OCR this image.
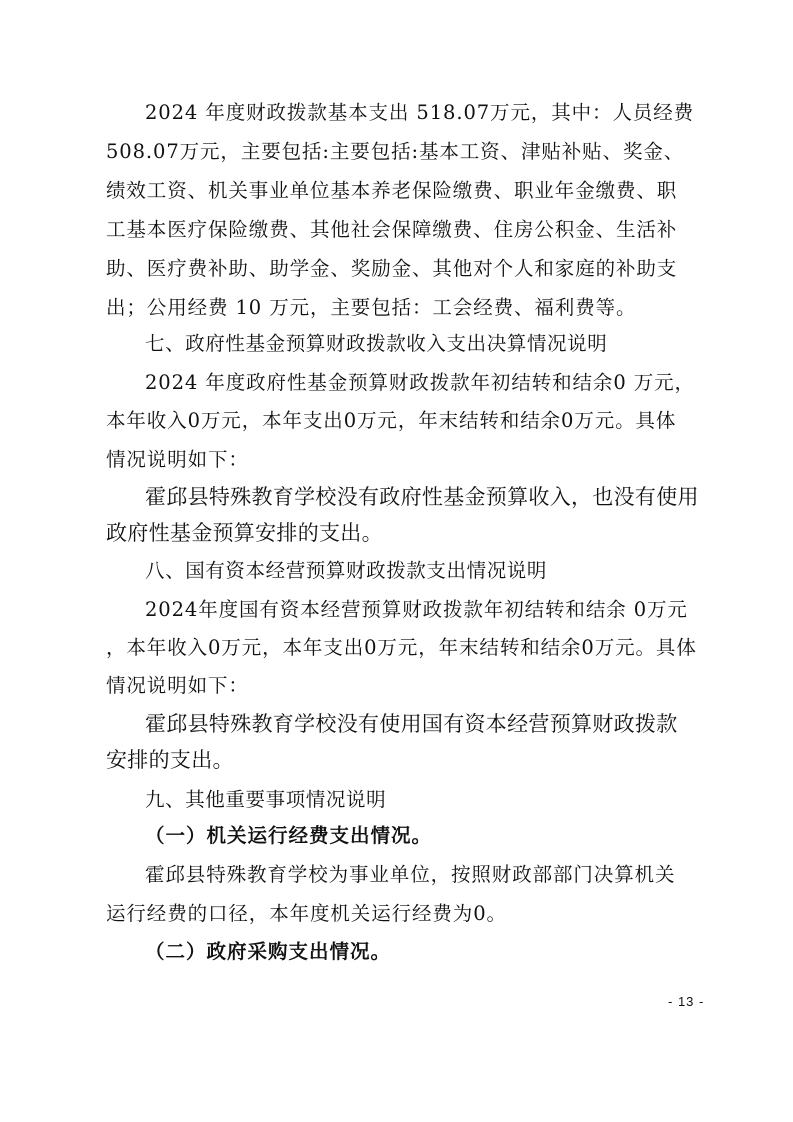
2024 年度财政拨款基本支出 518.07万元，其中：人员经费
508.07万元，主要包括:主要包括:基本工资、津贴补贴、奖金、
绩效工资、机关事业单位基本养老保险缴费、职业年金缴费、职
工基本医疗保险缴费、其他社会保障缴费、住房公积金、生活补
助、医疗费补助、助学金、奖励金、其他对个人和家庭的补助支
出；公用经费 10 万元，主要包括：工会经费、福利费等。
七、政府性基金预算财政拨款收入支出决算情况说明
2024 年度政府性基金预算财政拨款年初结转和结余0 万元，
本年收入0万元，本年支出0万元，年末结转和结余0万元。具体
情况说明如下：
霍邱县特殊教育学校没有政府性基金预算收入，也没有使用
政府性基金预算安排的支出。
八、国有资本经营预算财政拨款支出情况说明
2024年度国有资本经营预算财政拨款年初结转和结余 0万元
，本年收入0万元，本年支出0万元，年末结转和结余0万元。具体
情况说明如下：
霍邱县特殊教育学校没有使用国有资本经营预算财政拨款
安排的支出。
九、其他重要事项情况说明
（一）机关运行经费支出情况。
霍邱县特殊教育学校为事业单位，按照财政部部门决算机关
运行经费的口径，本年度机关运行经费为0。
（二）政府采购支出情况。
- 13 -
